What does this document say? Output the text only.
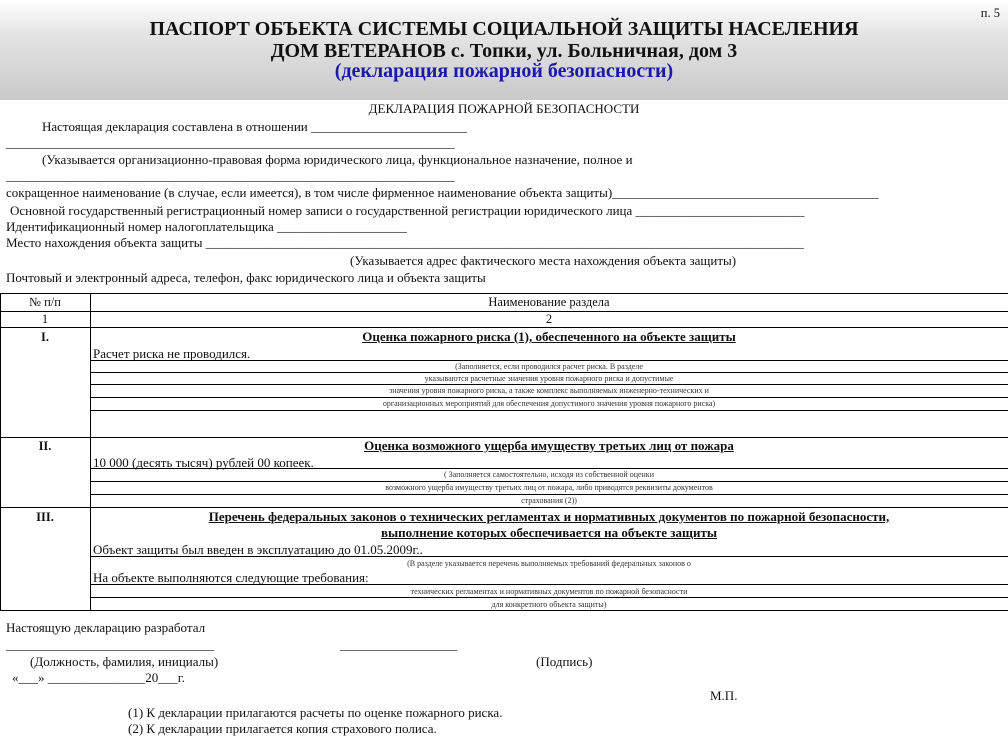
п. 5
ПАСПОРТ ОБЪЕКТА СИСТЕМЫ СОЦИАЛЬНОЙ ЗАЩИТЫ НАСЕЛЕНИЯ
ДОМ ВЕТЕРАНОВ с. Топки, ул. Больничная, дом 3
(декларация пожарной безопасности)
ДЕКЛАРАЦИЯ ПОЖАРНОЙ БЕЗОПАСНОСТИ
Настоящая декларация составлена в отношении ________________________
_____________________________________________________________________
(Указывается организационно-правовая форма юридического лица, функциональное назначение, полное и
_____________________________________________________________________
сокращенное наименование (в случае, если имеется), в том числе фирменное наименование объекта защиты)_________________________________________
Основной государственный регистрационный номер записи о государственной регистрации юридического лица __________________________
Идентификационный номер налогоплательщика ____________________
Место нахождения объекта защиты ____________________________________________________________________________________________
(Указывается адрес фактического места нахождения объекта защиты)
Почтовый и электронный адреса, телефон, факс юридического лица и объекта защиты
№ п/п	Наименование раздела
1	2
I.	Оценка пожарного риска (1), обеспеченного на объекте защиты
Расчет риска не проводился.
(Заполняется, если проводился расчет риска. В разделе
указываются расчетные значения уровня пожарного риска и допустимые
значения уровня пожарного риска, а также комплекс выполняемых инженерно-технических и
организационных мероприятий для обеспечения допустимого значения уровня пожарного риска)
II.	Оценка возможного ущерба имуществу третьих лиц от пожара
10 000 (десять тысяч) рублей 00 копеек.
( Заполняется самостоятельно, исходя из собственной оценки
возможного ущерба имуществу третьих лиц от пожара, либо приводятся реквизиты документов
страхования (2))
III.	Перечень федеральных законов о технических регламентах и нормативных документов по пожарной безопасности,
выполнение которых обеспечивается на объекте защиты
Объект защиты был введен в эксплуатацию до 01.05.2009г..
(В разделе указывается перечень выполняемых требований федеральных законов о
На объекте выполняются следующие требования:
технических регламентах и нормативных документов по пожарной безопасности
для конкретного объекта защиты)
Настоящую декларацию разработал
________________________________	__________________
(Должность, фамилия, инициалы)	(Подпись)
«___» _______________20___г.
М.П.
(1) К декларации прилагаются расчеты по оценке пожарного риска.
(2) К декларации прилагается копия страхового полиса.
